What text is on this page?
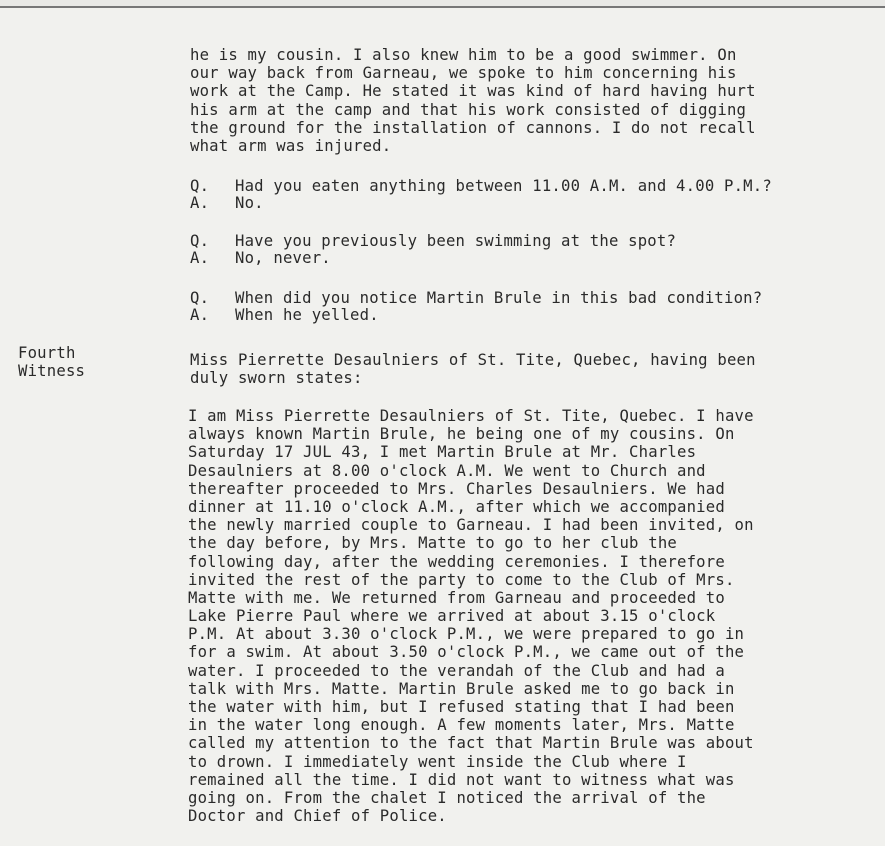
he is my cousin. I also knew him to be a good swimmer. On
our way back from Garneau, we spoke to him concerning his
work at the Camp. He stated it was kind of hard having hurt
his arm at the camp and that his work consisted of digging
the ground for the installation of cannons. I do not recall
what arm was injured.
Q.	Had you eaten anything between 11.00 A.M. and 4.00 P.M.?
A.	No.
Q.	Have you previously been swimming at the spot?
A.	No, never.
Q.	When did you notice Martin Brule in this bad condition?
A.	When he yelled.
Fourth
Witness
Miss Pierrette Desaulniers of St. Tite, Quebec, having been
duly sworn states:
I am Miss Pierrette Desaulniers of St. Tite, Quebec. I have
always known Martin Brule, he being one of my cousins. On
Saturday 17 JUL 43, I met Martin Brule at Mr. Charles
Desaulniers at 8.00 o'clock A.M. We went to Church and
thereafter proceeded to Mrs. Charles Desaulniers. We had
dinner at 11.10 o'clock A.M., after which we accompanied
the newly married couple to Garneau. I had been invited, on
the day before, by Mrs. Matte to go to her club the
following day, after the wedding ceremonies. I therefore
invited the rest of the party to come to the Club of Mrs.
Matte with me. We returned from Garneau and proceeded to
Lake Pierre Paul where we arrived at about 3.15 o'clock
P.M. At about 3.30 o'clock P.M., we were prepared to go in
for a swim. At about 3.50 o'clock P.M., we came out of the
water. I proceeded to the verandah of the Club and had a
talk with Mrs. Matte. Martin Brule asked me to go back in
the water with him, but I refused stating that I had been
in the water long enough. A few moments later, Mrs. Matte
called my attention to the fact that Martin Brule was about
to drown. I immediately went inside the Club where I
remained all the time. I did not want to witness what was
going on. From the chalet I noticed the arrival of the
Doctor and Chief of Police.
